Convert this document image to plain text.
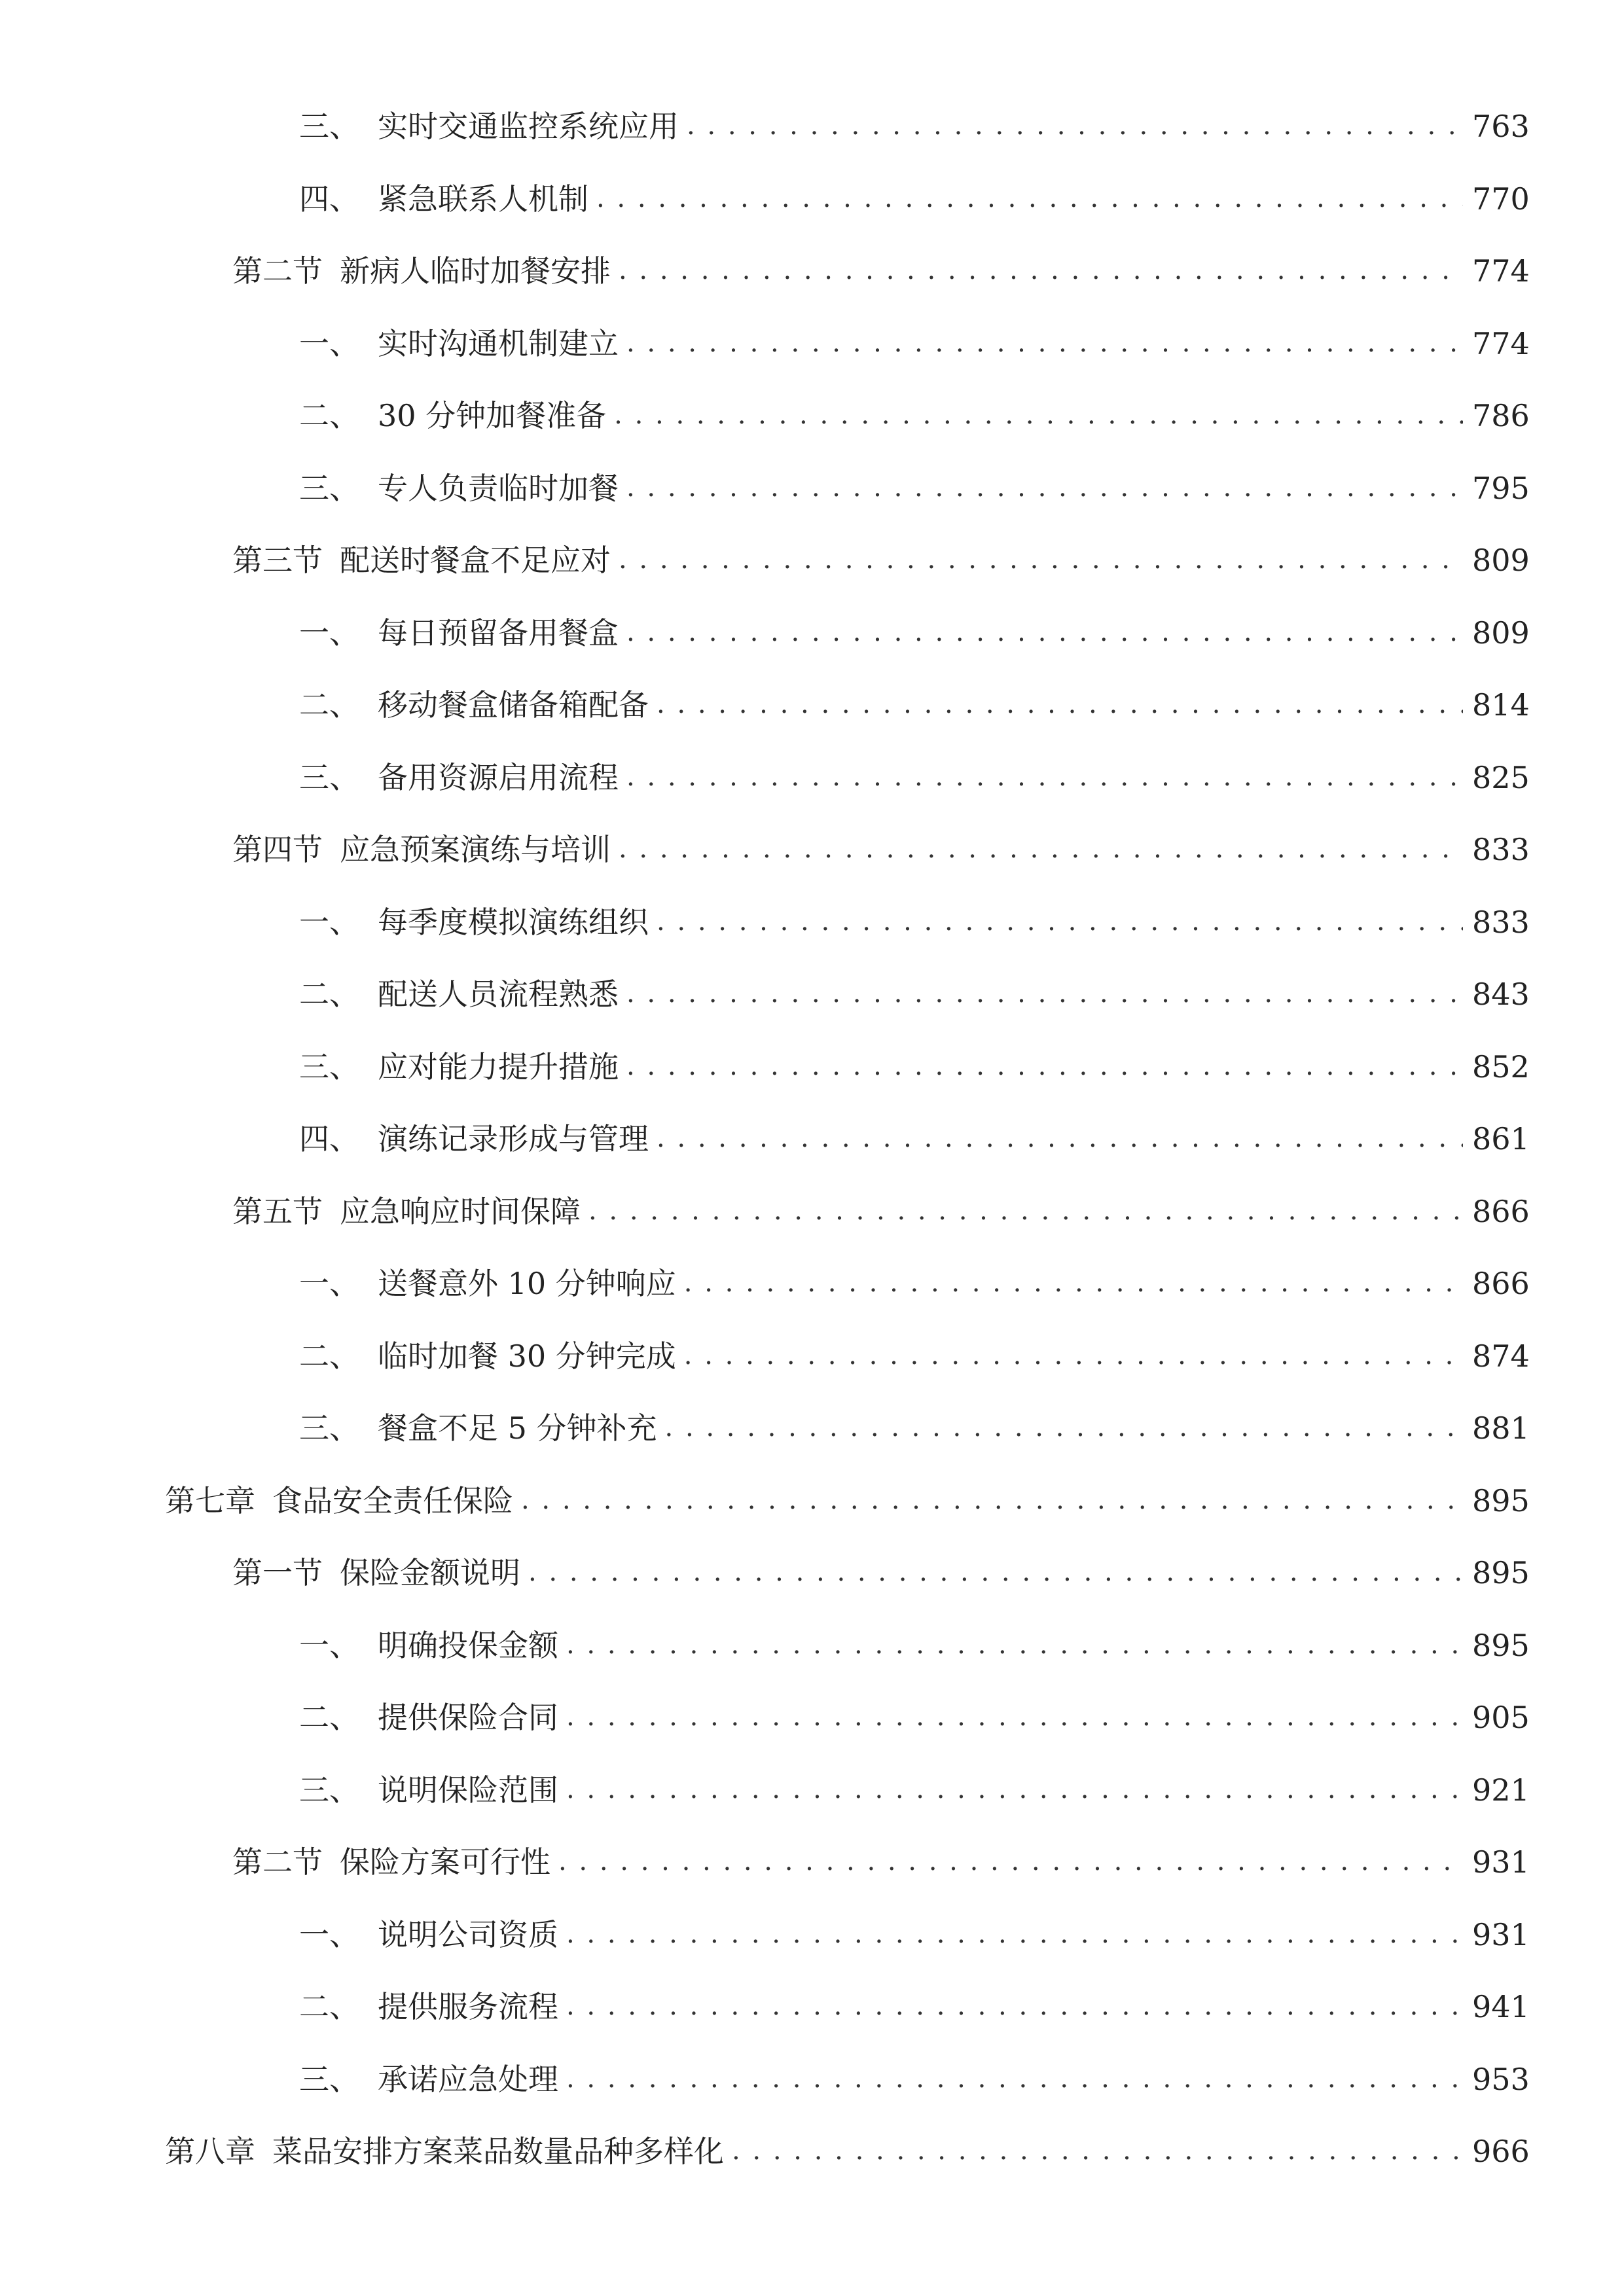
三、 实时交通监控系统应用 . . .	763
四、 紧急联系人机制 . . .	770
第二节 新病人临时加餐安排 . . .	774
一、 实时沟通机制建立 . . .	774
二、 30 分钟加餐准备 . . .	786
三、 专人负责临时加餐 . . .	795
第三节 配送时餐盒不足应对 . . .	809
一、 每日预留备用餐盒 . . .	809
二、 移动餐盒储备箱配备 . . .	814
三、 备用资源启用流程 . . .	825
第四节 应急预案演练与培训 . . .	833
一、 每季度模拟演练组织 . . .	833
二、 配送人员流程熟悉 . . .	843
三、 应对能力提升措施 . . .	852
四、 演练记录形成与管理 . . .	861
第五节 应急响应时间保障 . . .	866
一、 送餐意外 10 分钟响应 . . .	866
二、 临时加餐 30 分钟完成 . . .	874
三、 餐盒不足 5 分钟补充 . . .	881
第七章 食品安全责任保险 . . .	895
第一节 保险金额说明 . . .	895
一、 明确投保金额 . . .	895
二、 提供保险合同 . . .	905
三、 说明保险范围 . . .	921
第二节 保险方案可行性 . . .	931
一、 说明公司资质 . . .	931
二、 提供服务流程 . . .	941
三、 承诺应急处理 . . .	953
第八章 菜品安排方案菜品数量品种多样化 . . .	966
